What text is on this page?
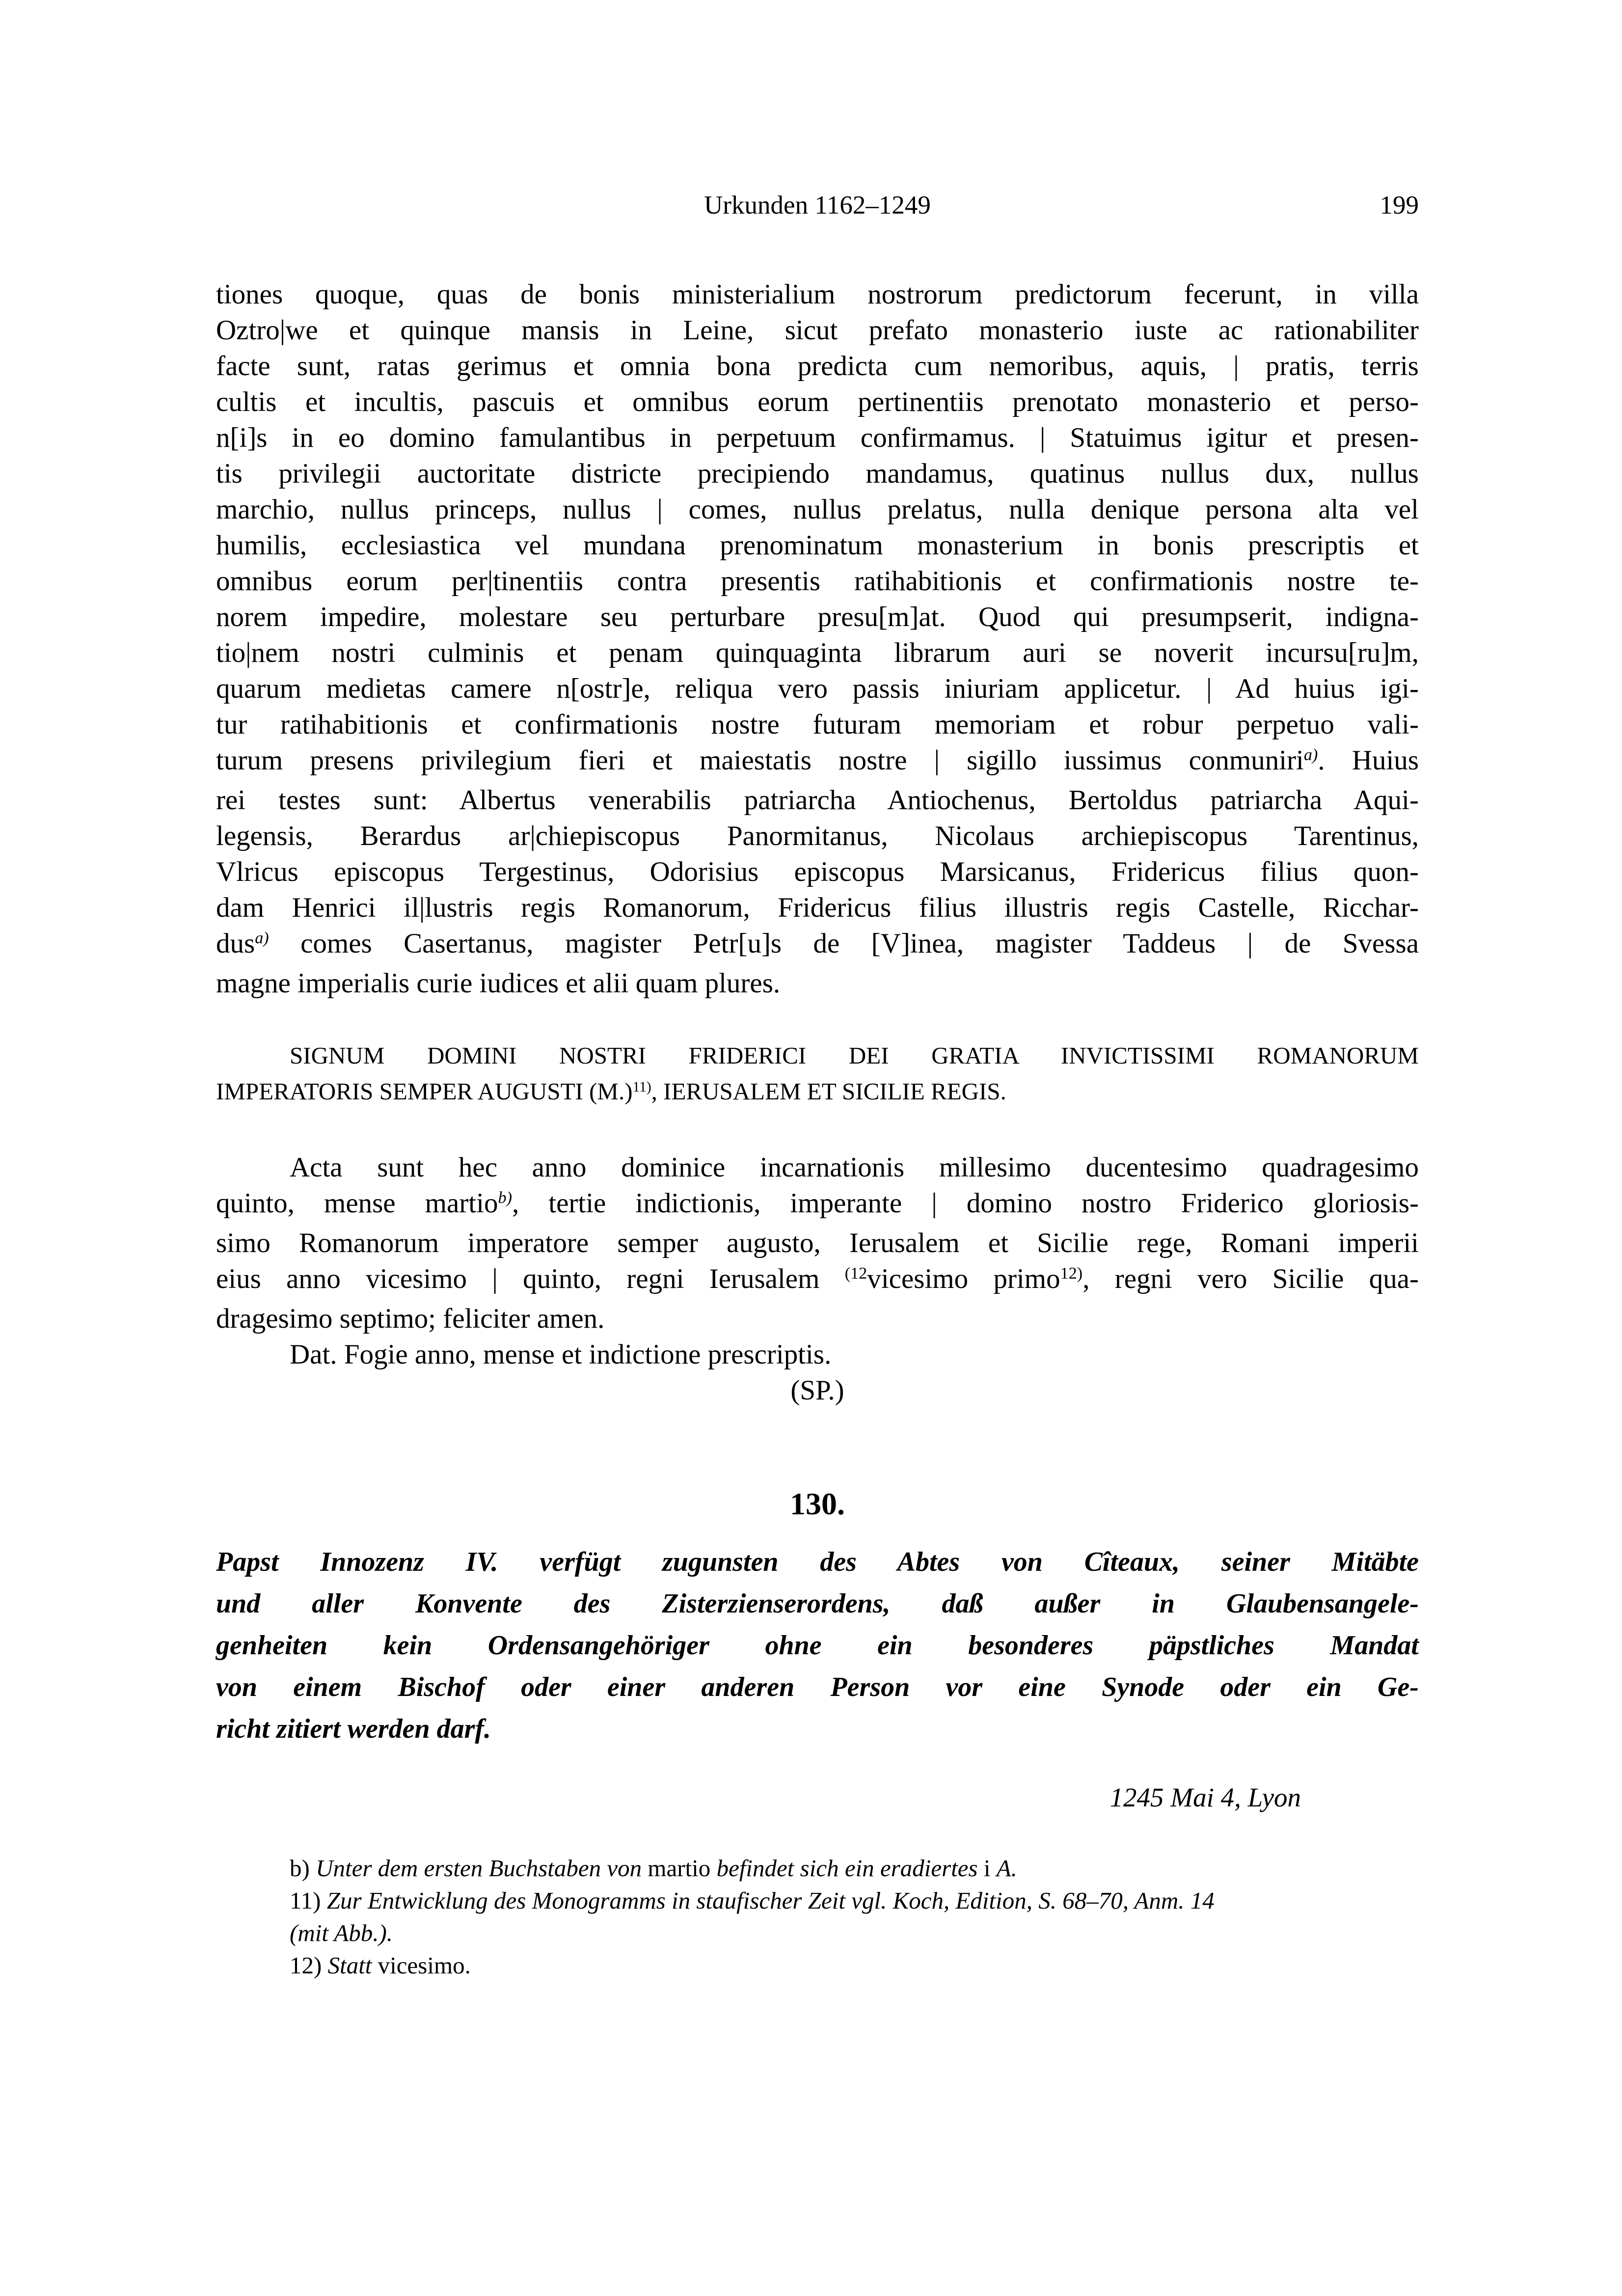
Urkunden 1162–1249	199
tiones quoque, quas de bonis ministerialium nostrorum predictorum fecerunt, in villa
Oztro|we et quinque mansis in Leine, sicut prefato monasterio iuste ac rationabiliter
facte sunt, ratas gerimus et omnia bona predicta cum nemoribus, aquis, | pratis, terris
cultis et incultis, pascuis et omnibus eorum pertinentiis prenotato monasterio et perso-
n[i]s in eo domino famulantibus in perpetuum confirmamus. | Statuimus igitur et presen-
tis privilegii auctoritate districte precipiendo mandamus, quatinus nullus dux, nullus
marchio, nullus princeps, nullus | comes, nullus prelatus, nulla denique persona alta vel
humilis, ecclesiastica vel mundana prenominatum monasterium in bonis prescriptis et
omnibus eorum per|tinentiis contra presentis ratihabitionis et confirmationis nostre te-
norem impedire, molestare seu perturbare presu[m]at. Quod qui presumpserit, indigna-
tio|nem nostri culminis et penam quinquaginta librarum auri se noverit incursu[ru]m,
quarum medietas camere n[ostr]e, reliqua vero passis iniuriam applicetur. | Ad huius igi-
tur ratihabitionis et confirmationis nostre futuram memoriam et robur perpetuo vali-
turum presens privilegium fieri et maiestatis nostre | sigillo iussimus conmuniri$^{a)}$. Huius
rei testes sunt: Albertus venerabilis patriarcha Antiochenus, Bertoldus patriarcha Aqui-
legensis, Berardus ar|chiepiscopus Panormitanus, Nicolaus archiepiscopus Tarentinus,
Vlricus episcopus Tergestinus, Odorisius episcopus Marsicanus, Fridericus filius quon-
dam Henrici il|lustris regis Romanorum, Fridericus filius illustris regis Castelle, Ricchar-
dus$^{a)}$ comes Casertanus, magister Petr[u]s de [V]inea, magister Taddeus | de Svessa
magne imperialis curie iudices et alii quam plures.
SIGNUM DOMINI NOSTRI FRIDERICI DEI GRATIA INVICTISSIMI ROMANORUM
IMPERATORIS SEMPER AUGUSTI $(M.)^{11)}$, IERUSALEM ET SICILIE REGIS.
Acta sunt hec anno dominice incarnationis millesimo ducentesimo quadragesimo
quinto, mense martio$^{b)}$, tertie indictionis, imperante | domino nostro Friderico gloriosis-
simo Romanorum imperatore semper augusto, Ierusalem et Sicilie rege, Romani imperii
eius anno vicesimo | quinto, regni Ierusalem $^{(12}$vicesimo primo$^{12)}$, regni vero Sicilie qua-
dragesimo septimo; feliciter amen.
Dat. Fogie anno, mense et indictione prescriptis.
(SP.)
130.
Papst Innozenz IV. verfügt zugunsten des Abtes von Cîteaux, seiner Mitäbte
und aller Konvente des Zisterzienserordens, daß außer in Glaubensangele-
genheiten kein Ordensangehöriger ohne ein besonderes päpstliches Mandat
von einem Bischof oder einer anderen Person vor eine Synode oder ein Ge-
richt zitiert werden darf.
1245 Mai 4, Lyon
b) Unter dem ersten Buchstaben von martio befindet sich ein eradiertes i A.
11) Zur Entwicklung des Monogramms in staufischer Zeit vgl. Koch, Edition, S. 68–70, Anm. 14
(mit Abb.).
12) Statt vicesimo.
